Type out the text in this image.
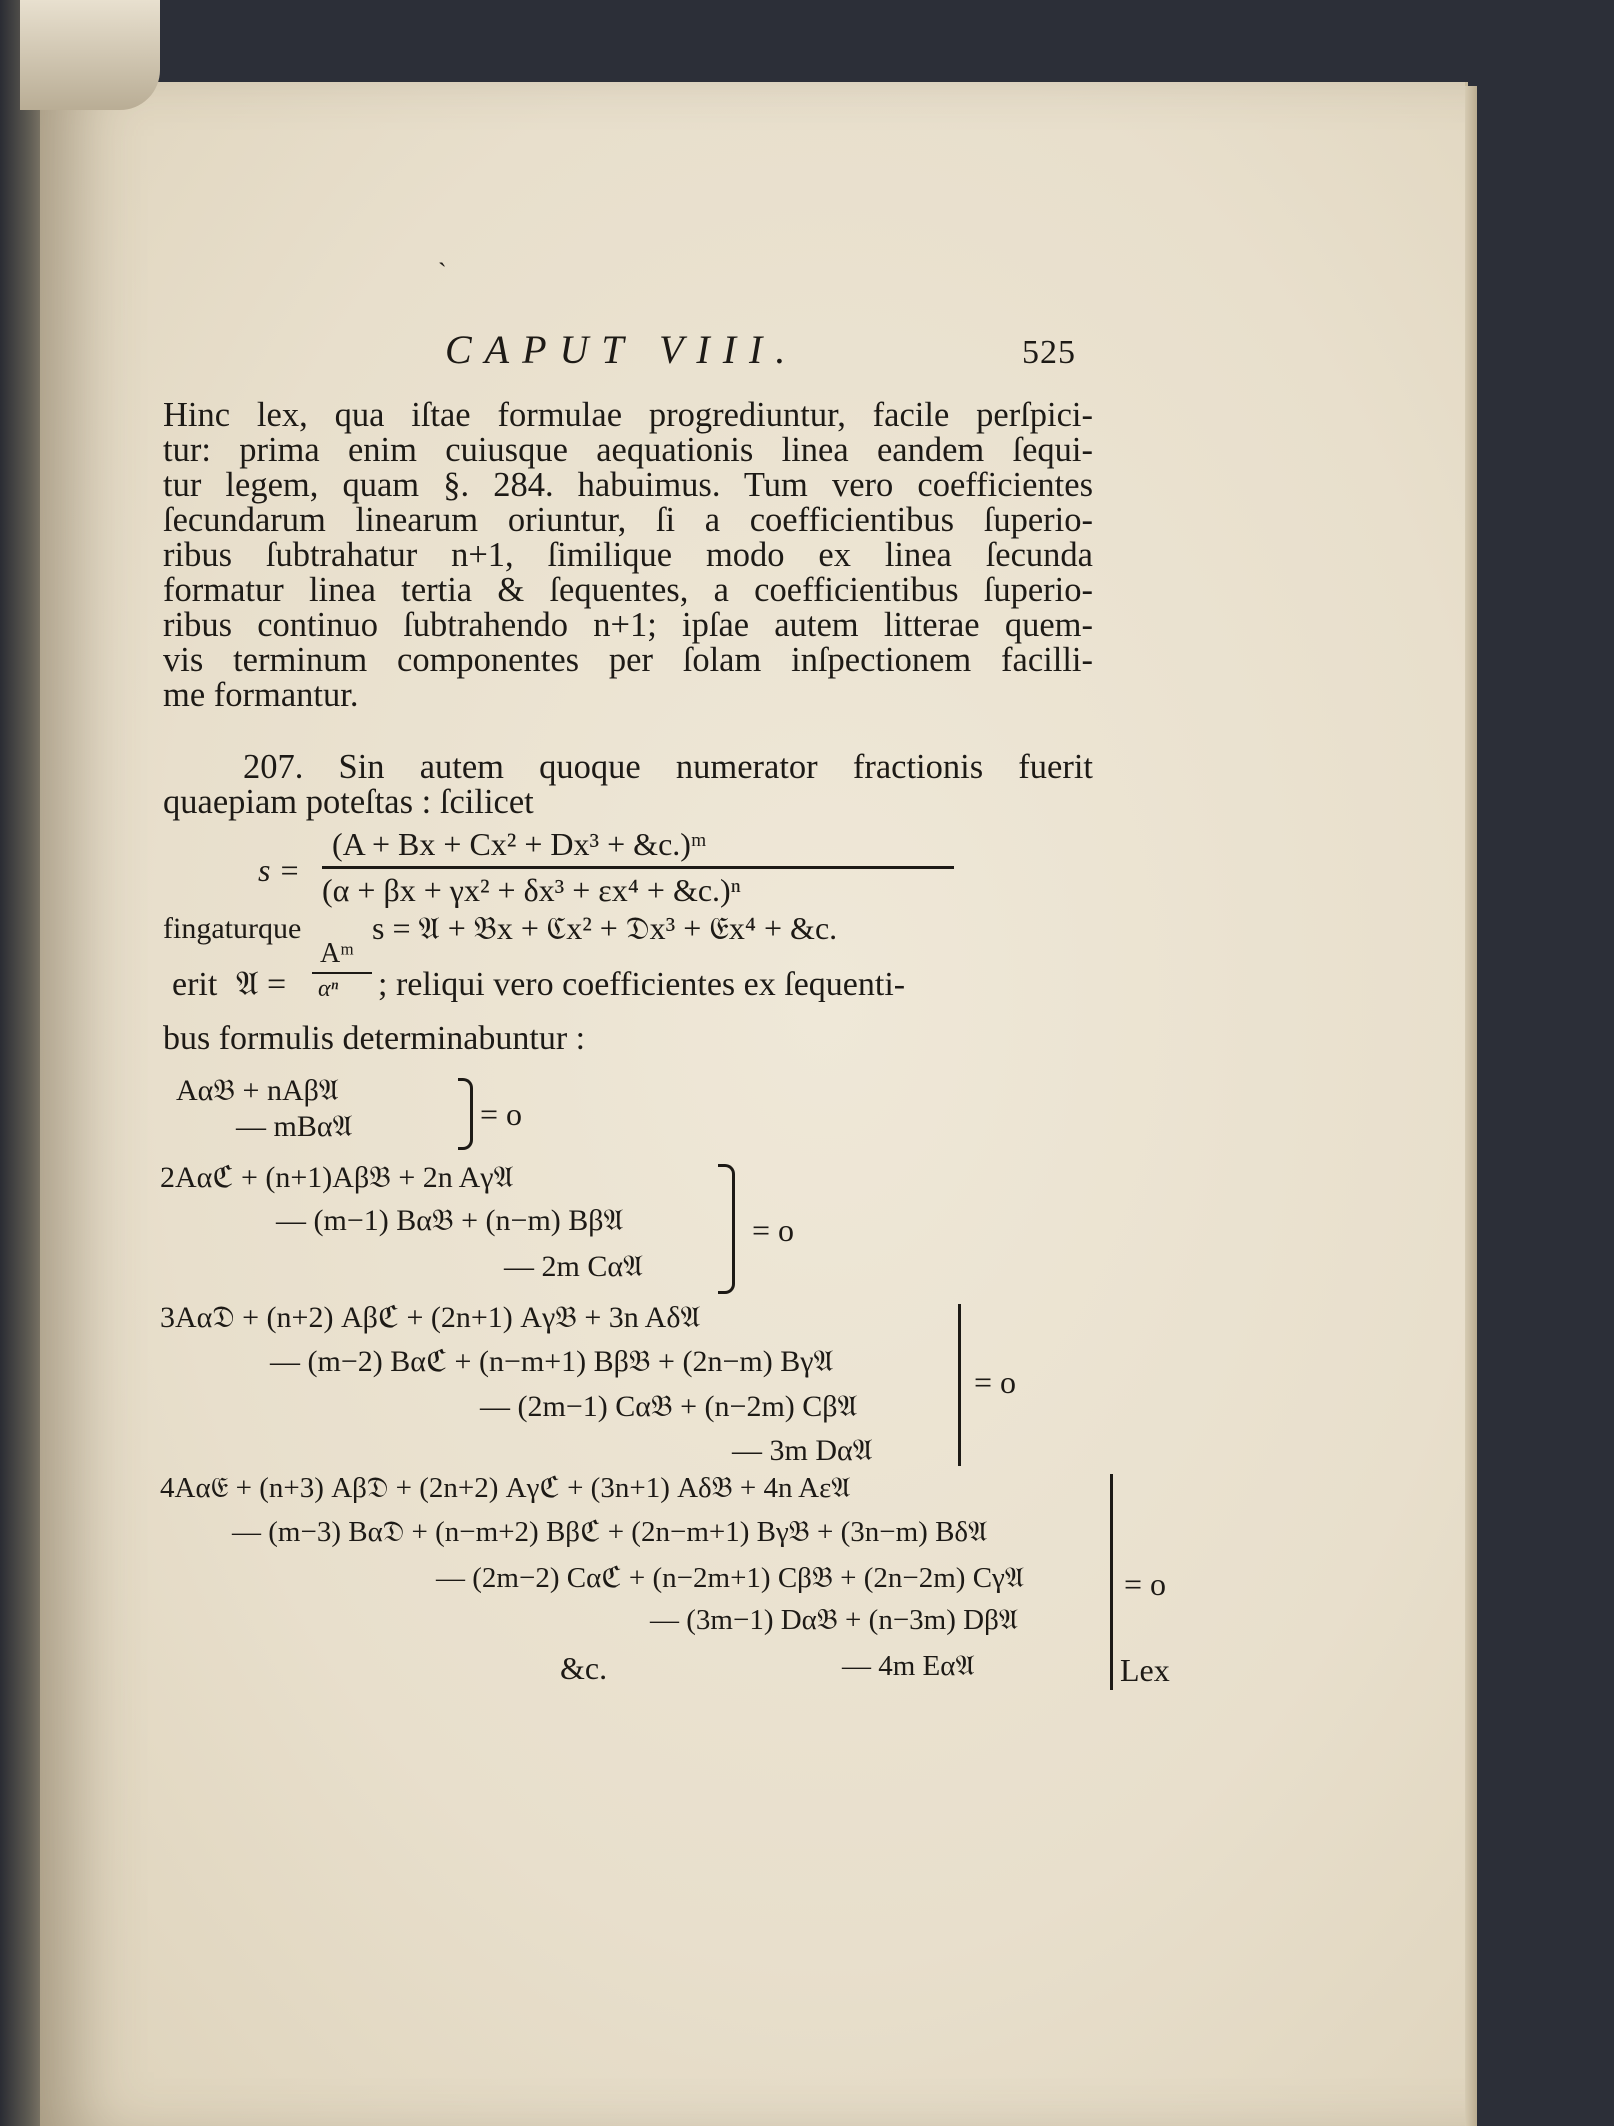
`
CAPUT VIII.	525
Hinc lex, qua iſtae formulae progrediuntur, facile perſpici-
tur: prima enim cuiusque aequationis linea eandem ſequi-
tur legem, quam §. 284. habuimus. Tum vero coefficientes
ſecundarum linearum oriuntur, ſi a coefficientibus ſuperio-
ribus ſubtrahatur n+1, ſimilique modo ex linea ſecunda
formatur linea tertia & ſequentes, a coefficientibus ſuperio-
ribus continuo ſubtrahendo n+1; ipſae autem litterae quem-
vis terminum componentes per ſolam inſpectionem facilli-
me formantur.
207. Sin autem quoque numerator fractionis fuerit
quaepiam poteſtas : ſcilicet
s =
(A + Bx + Cx² + Dx³ + &c.)ᵐ
(α + βx + γx² + δx³ + εx⁴ + &c.)ⁿ
fingaturque s = 𝔄 + 𝔅x + ℭx² + 𝔇x³ + 𝔈x⁴ + &c.
erit 𝔄 =
Aᵐ
αⁿ ; reliqui vero coefficientes ex ſequenti-
bus formulis determinabuntur :
Aα𝔅 + nAβ𝔄
— mBα𝔄	= o
2Aαℭ + (n+1)Aβ𝔅 + 2n Aγ𝔄
— (m−1) Bα𝔅 + (n−m) Bβ𝔄
— 2m Cα𝔄
= o
3Aα𝔇 + (n+2) Aβℭ + (2n+1) Aγ𝔅 + 3n Aδ𝔄
— (m−2) Bαℭ + (n−m+1) Bβ𝔅 + (2n−m) Bγ𝔄
— (2m−1) Cα𝔅 + (n−2m) Cβ𝔄
— 3m Dα𝔄
= o
4Aα𝔈 + (n+3) Aβ𝔇 + (2n+2) Aγℭ + (3n+1) Aδ𝔅 + 4n Aε𝔄
— (m−3) Bα𝔇 + (n−m+2) Bβℭ + (2n−m+1) Bγ𝔅 + (3n−m) Bδ𝔄
— (2m−2) Cαℭ + (n−2m+1) Cβ𝔅 + (2n−2m) Cγ𝔄
— (3m−1) Dα𝔅 + (n−3m) Dβ𝔄
— 4m Eα𝔄
= o
&c.	Lex
